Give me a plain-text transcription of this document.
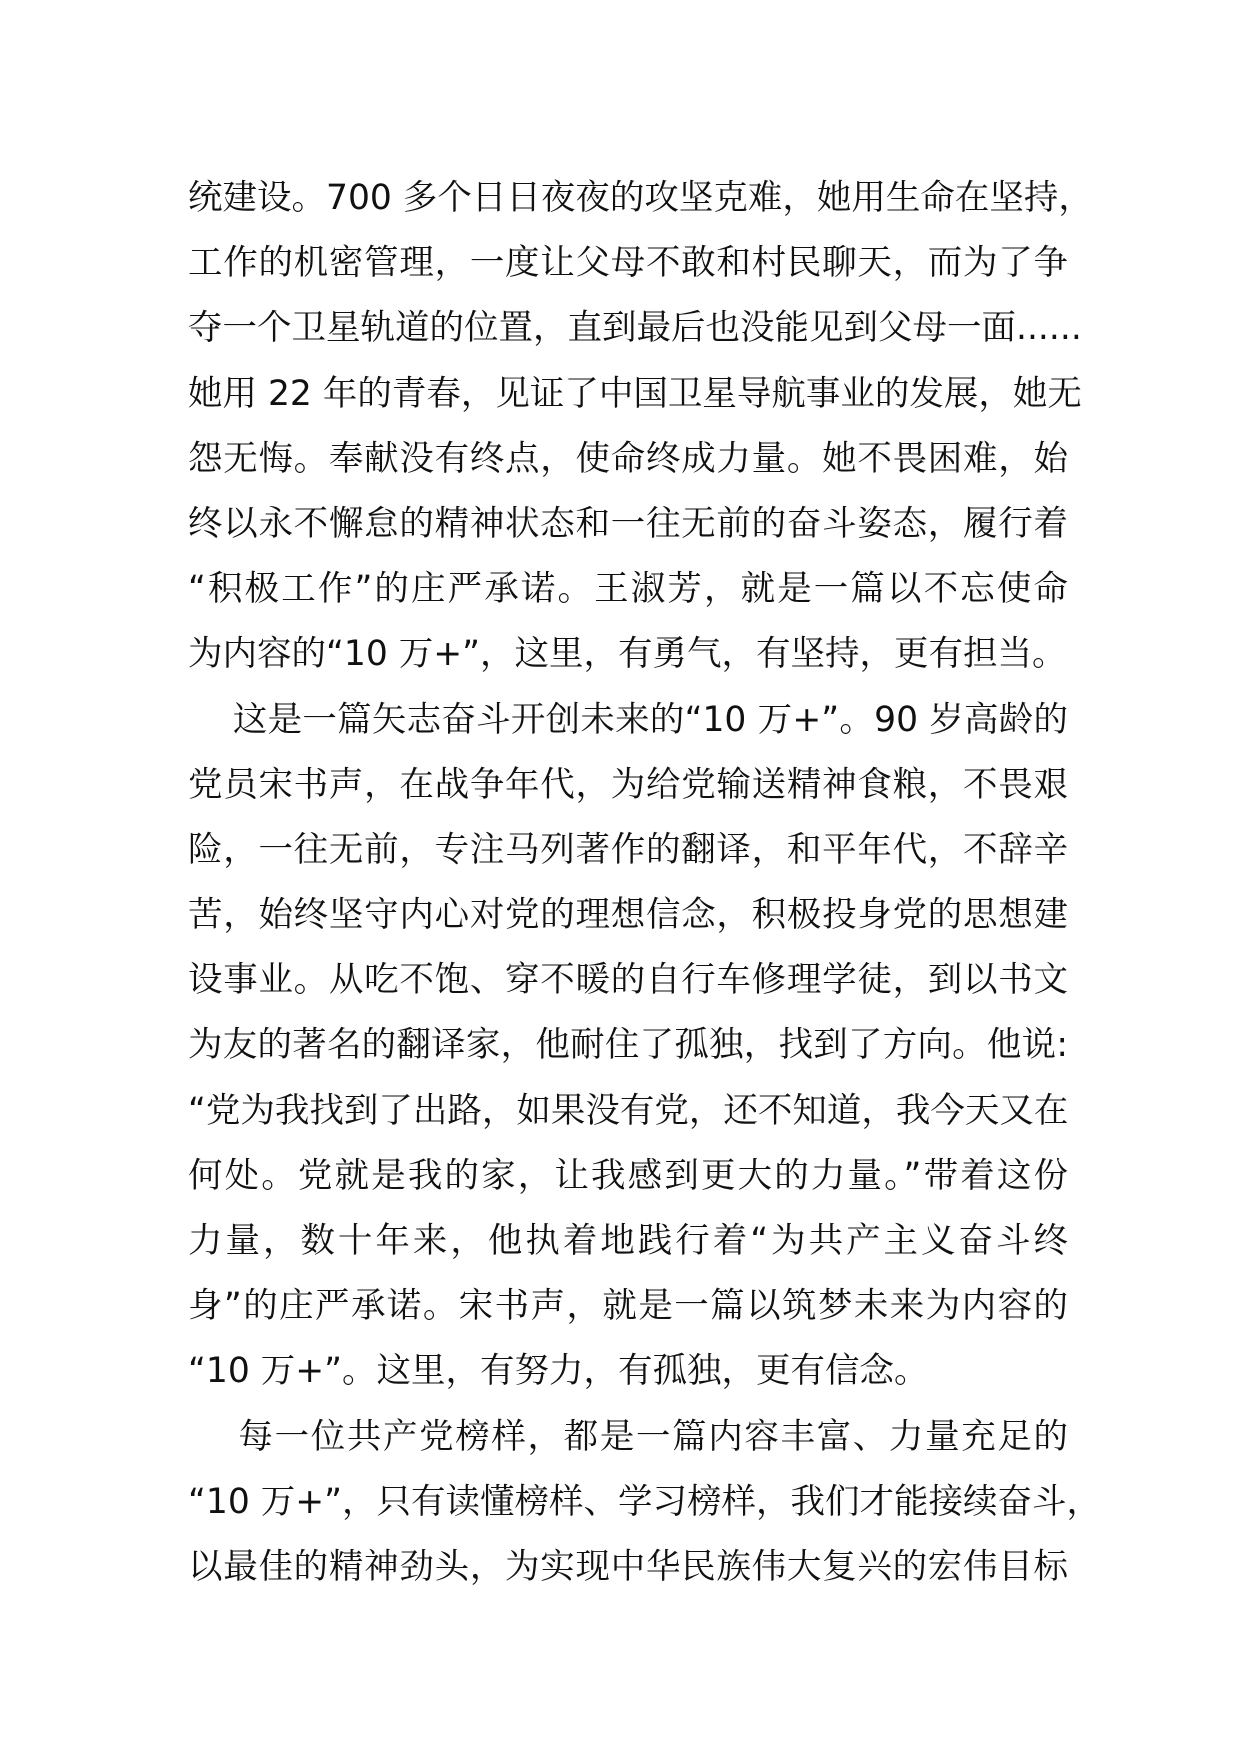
统建设。700 多个日日夜夜的攻坚克难，她用生命在坚持，
工作的机密管理，一度让父母不敢和村民聊天，而为了争
夺一个卫星轨道的位置，直到最后也没能见到父母一面......
她用 22 年的青春，见证了中国卫星导航事业的发展，她无
怨无悔。奉献没有终点，使命终成力量。她不畏困难，始
终以永不懈怠的精神状态和一往无前的奋斗姿态，履行着
“积极工作”的庄严承诺。王淑芳，就是一篇以不忘使命
为内容的“10 万+”，这里，有勇气，有坚持，更有担当。
这是一篇矢志奋斗开创未来的“10 万+”。90 岁高龄的
党员宋书声，在战争年代，为给党输送精神食粮，不畏艰
险，一往无前，专注马列著作的翻译，和平年代，不辞辛
苦，始终坚守内心对党的理想信念，积极投身党的思想建
设事业。从吃不饱、穿不暖的自行车修理学徒，到以书文
为友的著名的翻译家，他耐住了孤独，找到了方向。他说:
“党为我找到了出路，如果没有党，还不知道，我今天又在
何处。党就是我的家，让我感到更大的力量。”带着这份
力量，数十年来，他执着地践行着“为共产主义奋斗终
身”的庄严承诺。宋书声，就是一篇以筑梦未来为内容的
“10 万+”。这里，有努力，有孤独，更有信念。
每一位共产党榜样，都是一篇内容丰富、力量充足的
“10 万+”，只有读懂榜样、学习榜样，我们才能接续奋斗，
以最佳的精神劲头，为实现中华民族伟大复兴的宏伟目标
